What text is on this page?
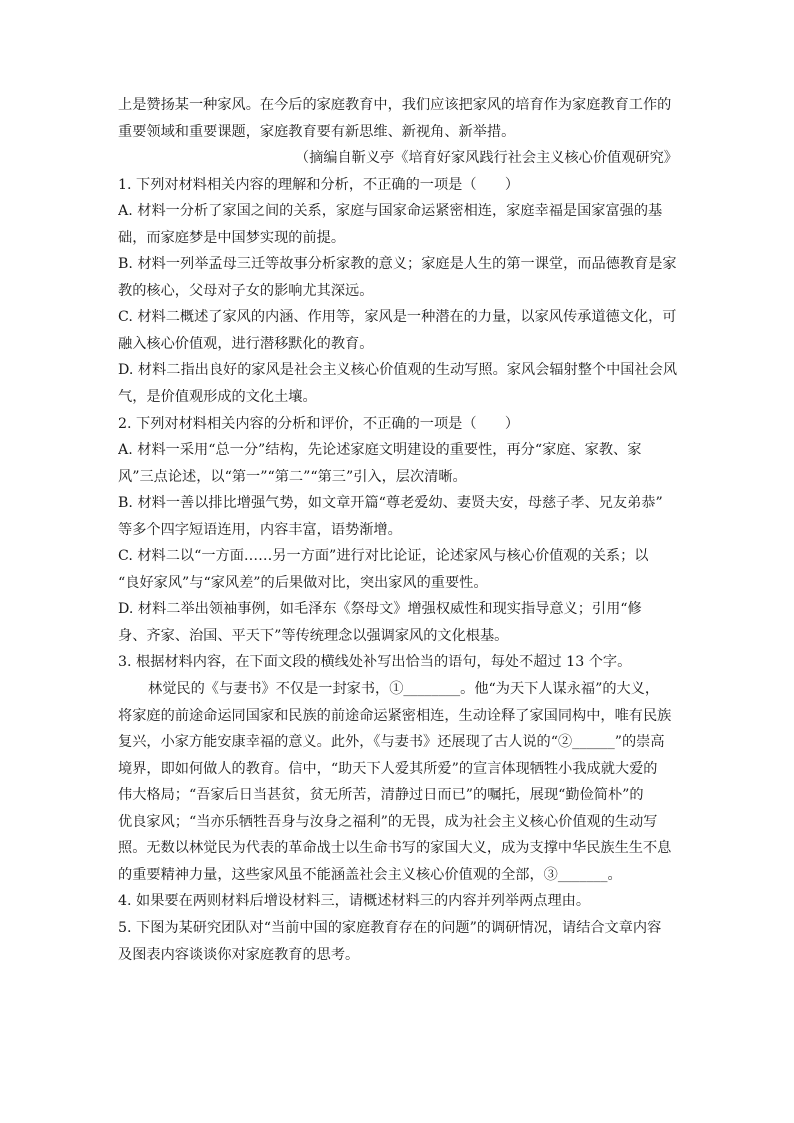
上是赞扬某一种家风。在今后的家庭教育中，我们应该把家风的培育作为家庭教育工作的
重要领域和重要课题，家庭教育要有新思维、新视角、新举措。
（摘编自靳义亭《培育好家风践行社会主义核心价值观研究》
1. 下列对材料相关内容的理解和分析，不正确的一项是（　　）
A. 材料一分析了家国之间的关系，家庭与国家命运紧密相连，家庭幸福是国家富强的基
础，而家庭梦是中国梦实现的前提。
B. 材料一列举孟母三迁等故事分析家教的意义；家庭是人生的第一课堂，而品德教育是家
教的核心，父母对子女的影响尤其深远。
C. 材料二概述了家风的内涵、作用等，家风是一种潜在的力量，以家风传承道德文化，可
融入核心价值观，进行潜移默化的教育。
D. 材料二指出良好的家风是社会主义核心价值观的生动写照。家风会辐射整个中国社会风
气，是价值观形成的文化土壤。
2. 下列对材料相关内容的分析和评价，不正确的一项是（　　）
A. 材料一采用“总一分”结构，先论述家庭文明建设的重要性，再分“家庭、家教、家
风”三点论述，以“第一”“第二”“第三”引入，层次清晰。
B. 材料一善以排比增强气势，如文章开篇“尊老爱幼、妻贤夫安，母慈子孝、兄友弟恭”
等多个四字短语连用，内容丰富，语势渐增。
C. 材料二以“一方面……另一方面”进行对比论证，论述家风与核心价值观的关系；以
“良好家风”与“家风差”的后果做对比，突出家风的重要性。
D. 材料二举出领袖事例，如毛泽东《祭母文》增强权威性和现实指导意义；引用“修
身、齐家、治国、平天下”等传统理念以强调家风的文化根基。
3. 根据材料内容，在下面文段的横线处补写出恰当的语句，每处不超过 13 个字。
林觉民的《与妻书》不仅是一封家书，①________。他“为天下人谋永福”的大义，
将家庭的前途命运同国家和民族的前途命运紧密相连，生动诠释了家国同构中，唯有民族
复兴，小家方能安康幸福的意义。此外，《与妻书》还展现了古人说的“②______”的崇高
境界，即如何做人的教育。信中，“助天下人爱其所爱”的宣言体现牺牲小我成就大爱的
伟大格局；“吾家后日当甚贫，贫无所苦，清静过日而已”的嘱托，展现“勤俭简朴”的
优良家风；“当亦乐牺牲吾身与汝身之福利”的无畏，成为社会主义核心价值观的生动写
照。无数以林觉民为代表的革命战士以生命书写的家国大义，成为支撑中华民族生生不息
的重要精神力量，这些家风虽不能涵盖社会主义核心价值观的全部，③_______。
4. 如果要在两则材料后增设材料三，请概述材料三的内容并列举两点理由。
5. 下图为某研究团队对“当前中国的家庭教育存在的问题”的调研情况，请结合文章内容
及图表内容谈谈你对家庭教育的思考。
